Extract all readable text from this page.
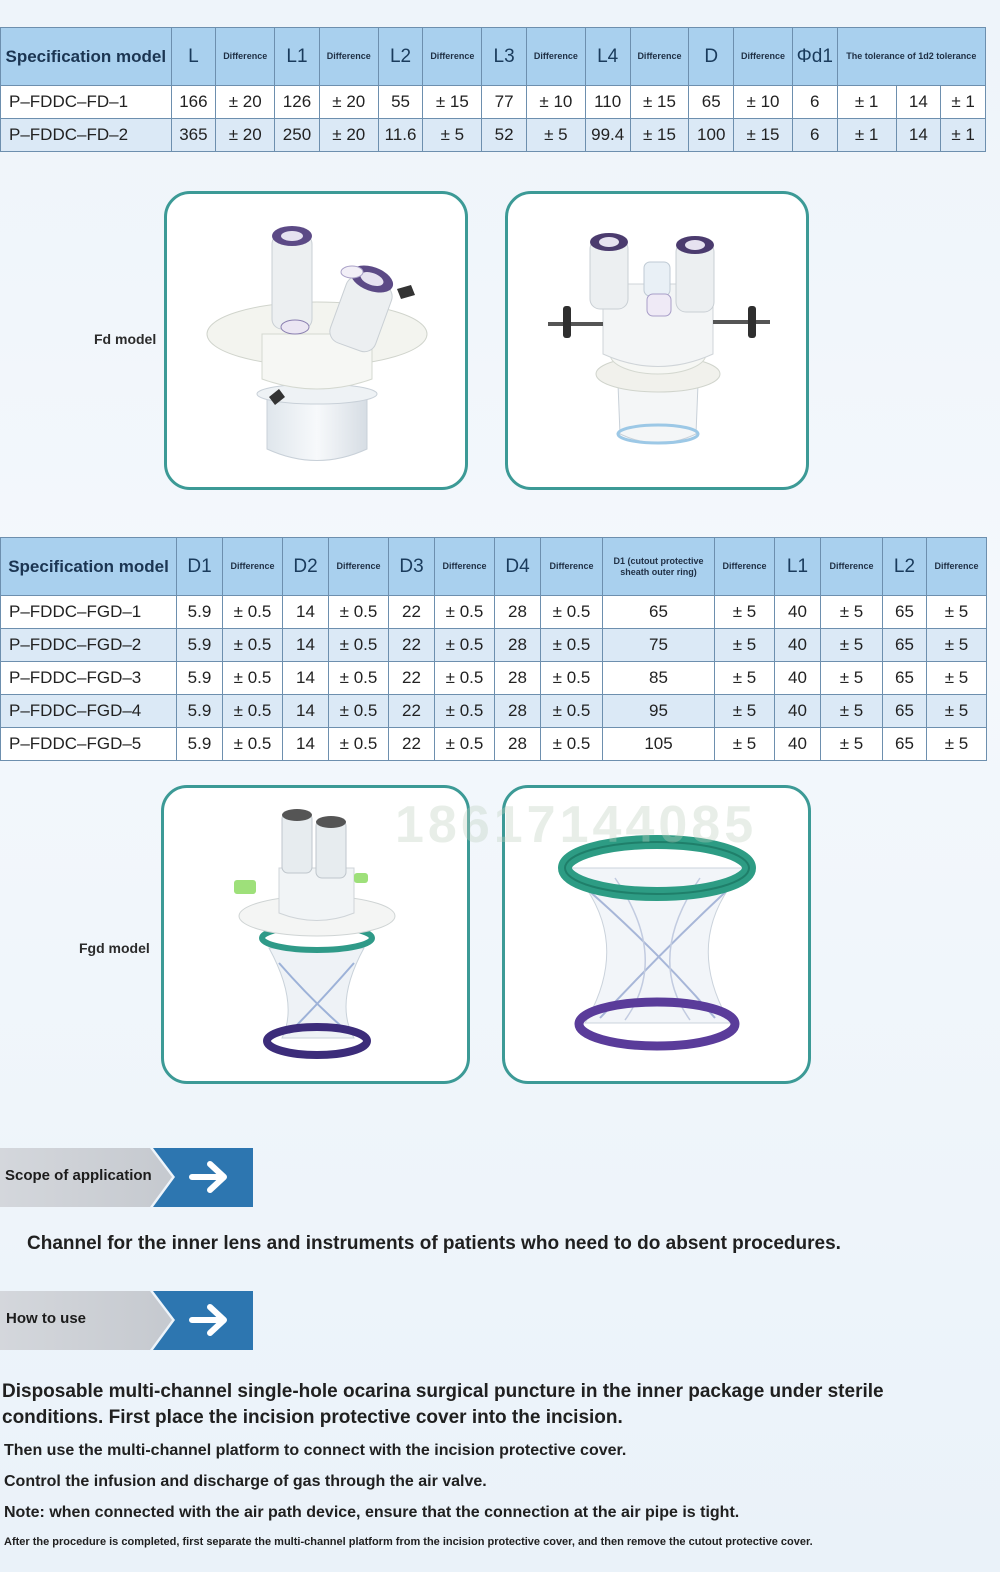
Specification model	L	Difference	L1	Difference	L2	Difference	L3	Difference	L4	Difference	D	Difference	Φd1	The tolerance of 1d2 tolerance		
P–FDDC–FD–1	166	± 20	126	± 20	55	± 15	77	± 10	110	± 15	65	± 10	6	± 1	14	± 1
P–FDDC–FD–2	365	± 20	250	± 20	11.6	± 5	52	± 5	99.4	± 15	100	± 15	6	± 1	14	± 1
Fd model
Specification model	D1	Difference	D2	Difference	D3	Difference	D4	Difference	D1 (cutout protective sheath outer ring)	Difference	L1	Difference	L2	Difference
P–FDDC–FGD–1	5.9	± 0.5	14	± 0.5	22	± 0.5	28	± 0.5	65	± 5	40	± 5	65	± 5
P–FDDC–FGD–2	5.9	± 0.5	14	± 0.5	22	± 0.5	28	± 0.5	75	± 5	40	± 5	65	± 5
P–FDDC–FGD–3	5.9	± 0.5	14	± 0.5	22	± 0.5	28	± 0.5	85	± 5	40	± 5	65	± 5
P–FDDC–FGD–4	5.9	± 0.5	14	± 0.5	22	± 0.5	28	± 0.5	95	± 5	40	± 5	65	± 5
P–FDDC–FGD–5	5.9	± 0.5	14	± 0.5	22	± 0.5	28	± 0.5	105	± 5	40	± 5	65	± 5
Fgd model
18617144085
Scope of application
Channel for the inner lens and instruments of patients who need to do absent procedures.
How to use
Disposable multi-channel single-hole ocarina surgical puncture in the inner package under sterile conditions. First place the incision protective cover into the incision.
Then use the multi-channel platform to connect with the incision protective cover.
Control the infusion and discharge of gas through the air valve.
Note: when connected with the air path device, ensure that the connection at the air pipe is tight.
After the procedure is completed, first separate the multi-channel platform from the incision protective cover, and then remove the cutout protective cover.
